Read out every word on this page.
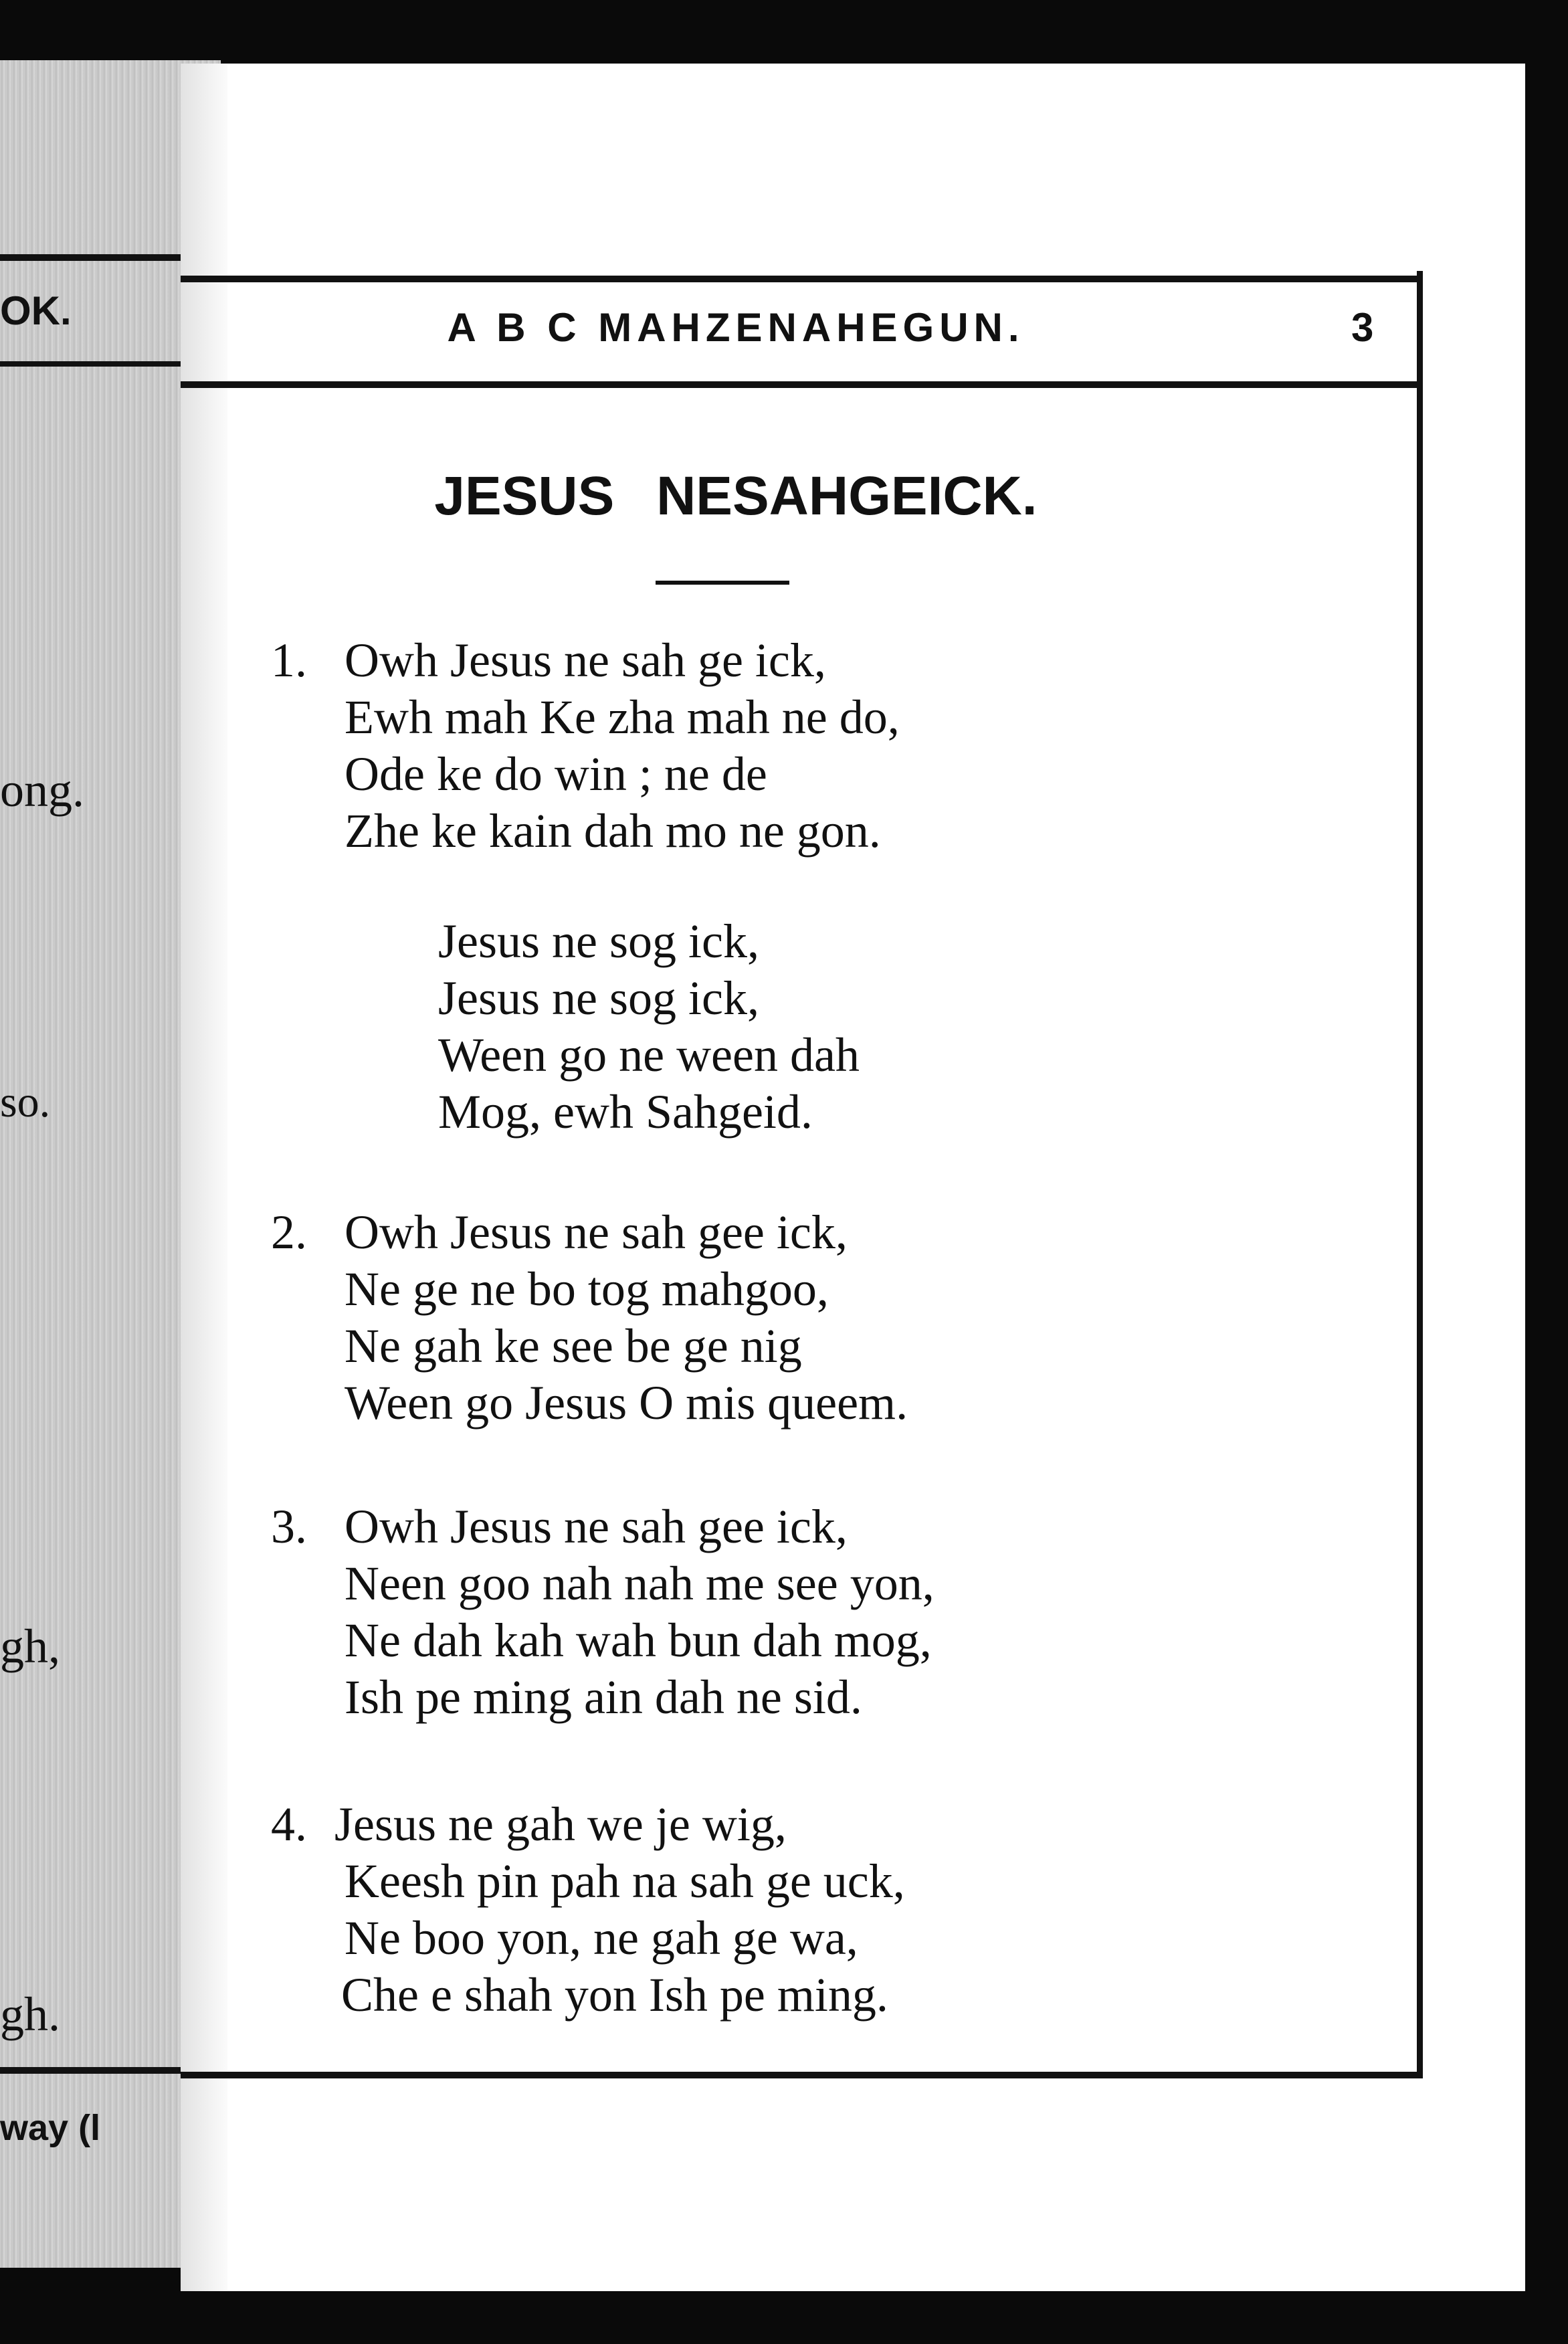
OK.
ong.
so.
gh,
gh.
way (l
A B C MAHZENAHEGUN.	3
JESUS NESAHGEICK.
1. Owh Jesus ne sah ge ick,
Ewh mah Ke zha mah ne do,
Ode ke do win ; ne de
Zhe ke kain dah mo ne gon.
Jesus ne sog ick,
Jesus ne sog ick,
Ween go ne ween dah
Mog, ewh Sahgeid.
2. Owh Jesus ne sah gee ick,
Ne ge ne bo tog mahgoo,
Ne gah ke see be ge nig
Ween go Jesus O mis queem.
3. Owh Jesus ne sah gee ick,
Neen goo nah nah me see yon,
Ne dah kah wah bun dah mog,
Ish pe ming ain dah ne sid.
4. Jesus ne gah we je wig,
Keesh pin pah na sah ge uck,
Ne boo yon, ne gah ge wa,
Che e shah yon Ish pe ming.
